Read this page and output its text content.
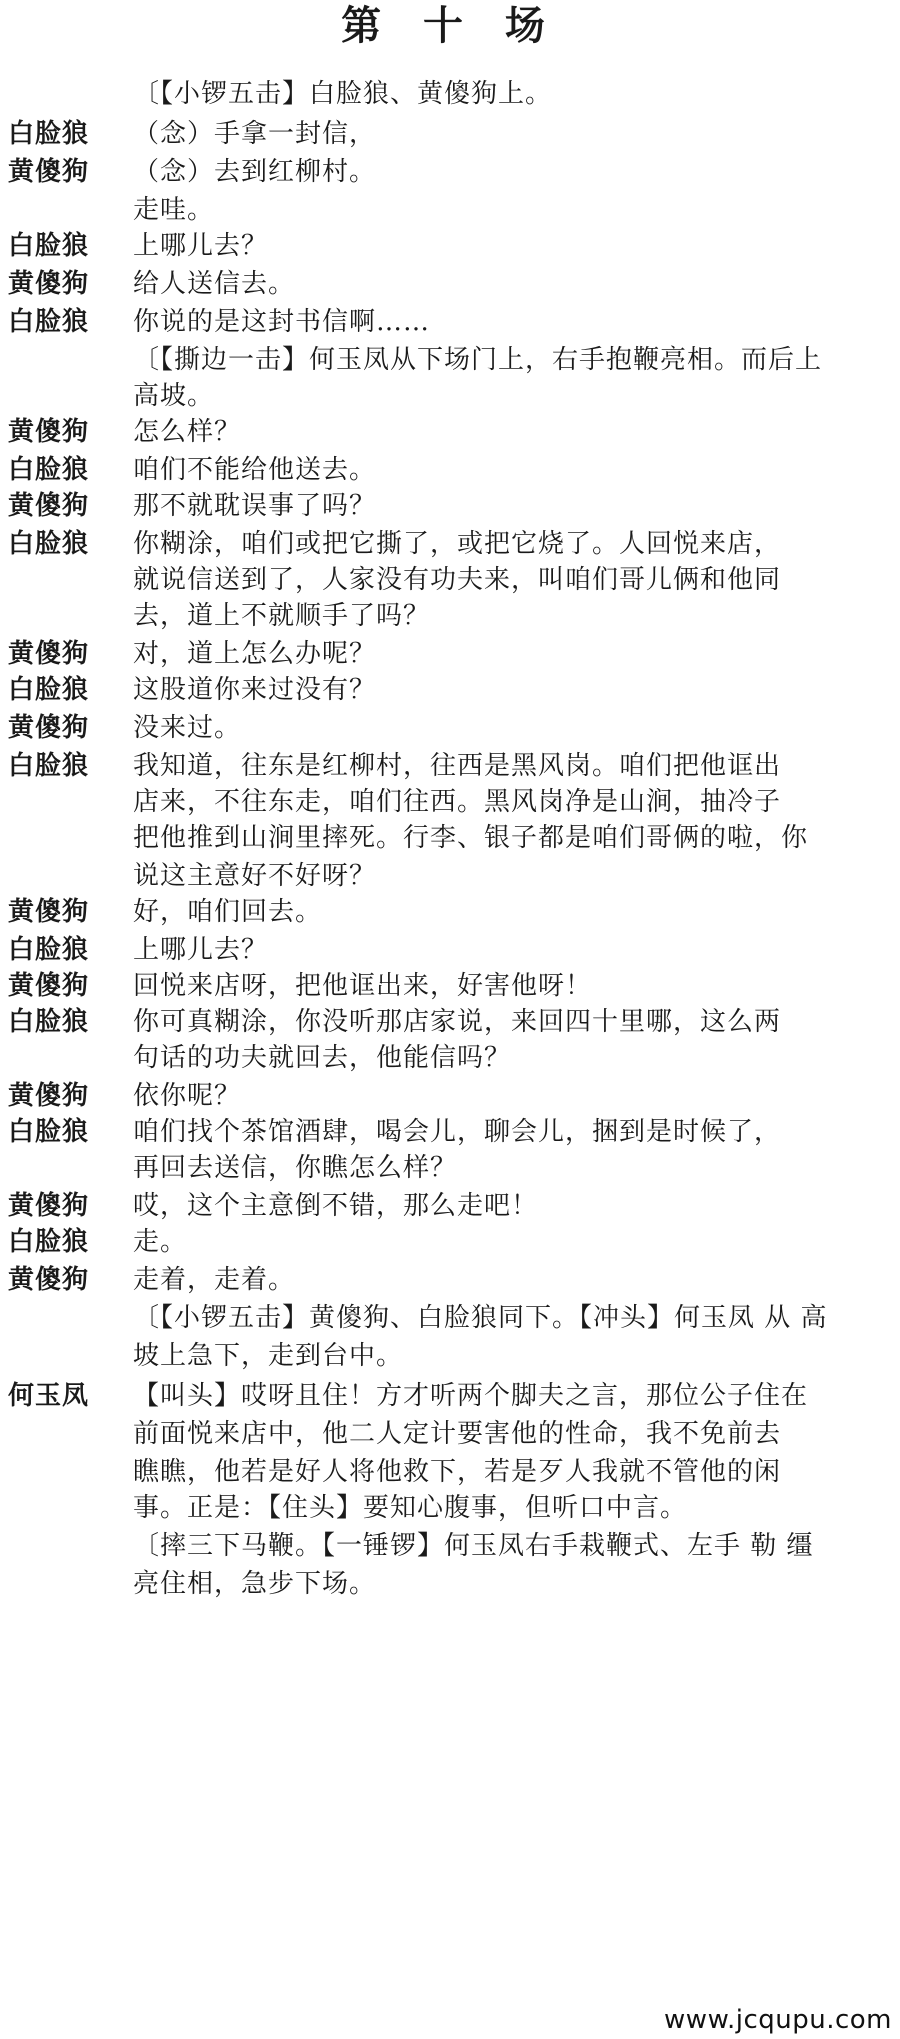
第 十 场
〔【小锣五击】白脸狼、黄傻狗上。
白脸狼	（念）手拿一封信，
黄傻狗	（念）去到红柳村。
走哇。
白脸狼	上哪儿去？
黄傻狗	给人送信去。
白脸狼	你说的是这封书信啊……
〔【撕边一击】何玉凤从下场门上，右手抱鞭亮相。而后上
高坡。
黄傻狗	怎么样？
白脸狼	咱们不能给他送去。
黄傻狗	那不就耽误事了吗？
白脸狼	你糊涂，咱们或把它撕了，或把它烧了。人回悦来店，
就说信送到了，人家没有功夫来，叫咱们哥儿俩和他同
去，道上不就顺手了吗？
黄傻狗	对，道上怎么办呢？
白脸狼	这股道你来过没有？
黄傻狗	没来过。
白脸狼	我知道，往东是红柳村，往西是黑风岗。咱们把他诓出
店来，不往东走，咱们往西。黑风岗净是山涧，抽冷子
把他推到山涧里摔死。行李、银子都是咱们哥俩的啦，你
说这主意好不好呀？
黄傻狗	好，咱们回去。
白脸狼	上哪儿去？
黄傻狗	回悦来店呀，把他诓出来，好害他呀！
白脸狼	你可真糊涂，你没听那店家说，来回四十里哪，这么两
句话的功夫就回去，他能信吗？
黄傻狗	依你呢？
白脸狼	咱们找个茶馆酒肆，喝会儿，聊会儿，捆到是时候了，
再回去送信，你瞧怎么样？
黄傻狗	哎，这个主意倒不错，那么走吧！
白脸狼	走。
黄傻狗	走着，走着。
〔【小锣五击】黄傻狗、白脸狼同下。【冲头】何玉凤 从 高
坡上急下，走到台中。
何玉凤	【叫头】哎呀且住！方才听两个脚夫之言，那位公子住在
前面悦来店中，他二人定计要害他的性命，我不免前去
瞧瞧，他若是好人将他救下，若是歹人我就不管他的闲
事。正是：【住头】要知心腹事，但听口中言。
〔摔三下马鞭。【一锤锣】何玉凤右手栽鞭式、左手 勒 缰
亮住相，急步下场。
www.jcqupu.com
